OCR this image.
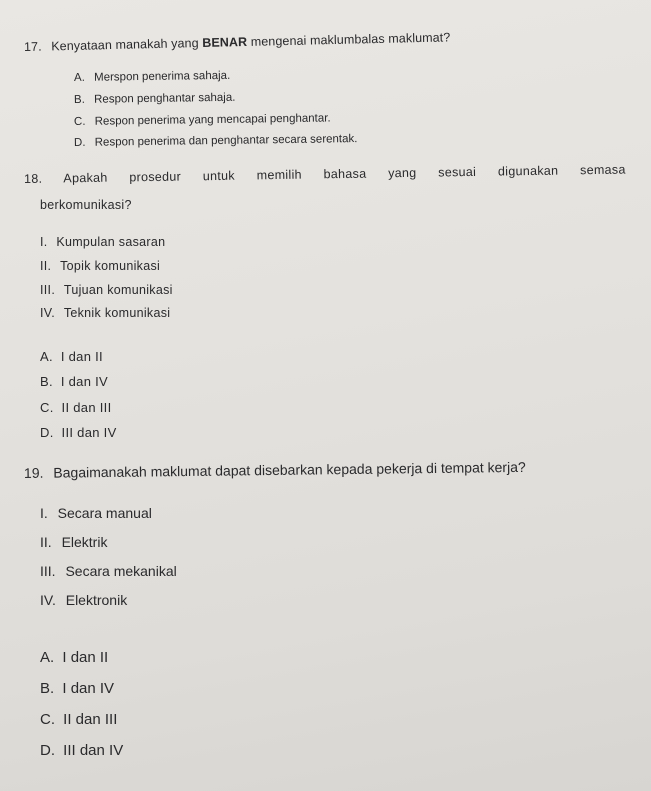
17. Kenyataan manakah yang BENAR mengenai maklumbalas maklumat?
A. Merspon penerima sahaja.
B. Respon penghantar sahaja.
C. Respon penerima yang mencapai penghantar.
D. Respon penerima dan penghantar secara serentak.
18. Apakah prosedur untuk memilih bahasa yang sesuai digunakan semasa
berkomunikasi?
I. Kumpulan sasaran
II. Topik komunikasi
III. Tujuan komunikasi
IV. Teknik komunikasi
A. I dan II
B. I dan IV
C. II dan III
D. III dan IV
19. Bagaimanakah maklumat dapat disebarkan kepada pekerja di tempat kerja?
I. Secara manual
II. Elektrik
III. Secara mekanikal
IV. Elektronik
A. I dan II
B. I dan IV
C. II dan III
D. III dan IV
